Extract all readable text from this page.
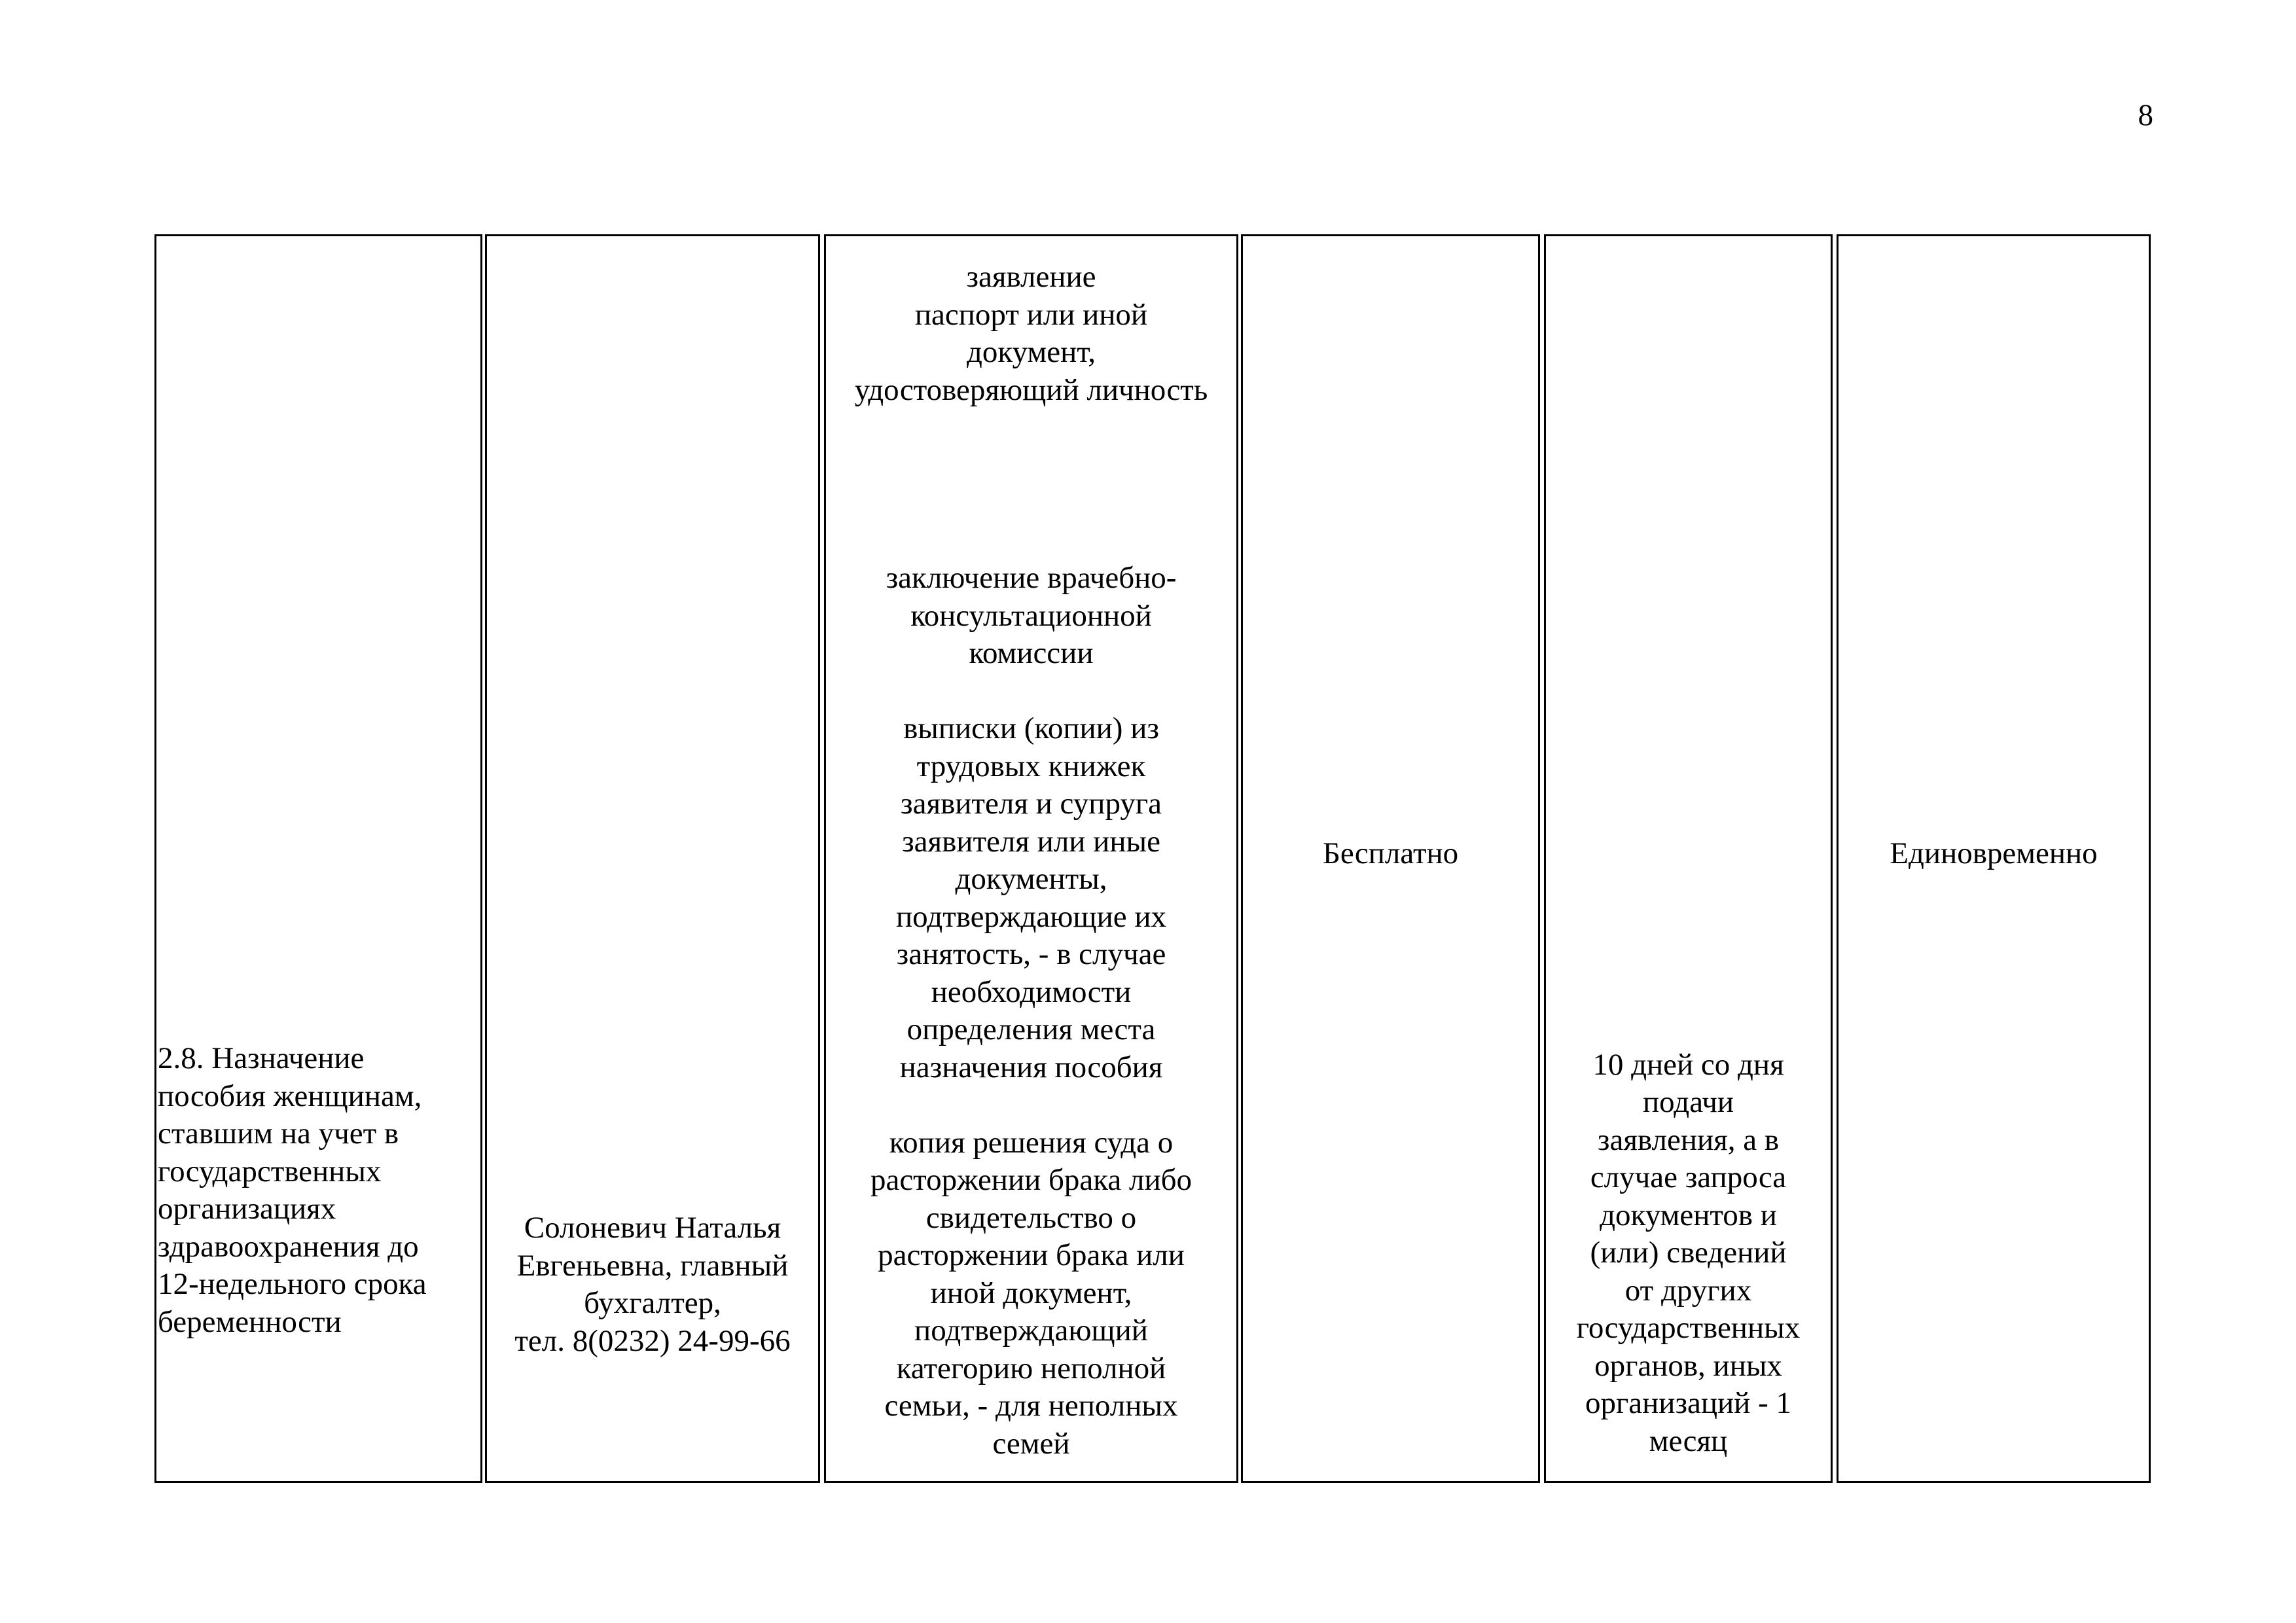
8
2.8. Назначение
пособия женщинам,
ставшим на учет в
государственных
организациях
здравоохранения до
12-недельного срока
беременности
Солоневич Наталья
Евгеньевна, главный
бухгалтер,
тел. 8(0232) 24-99-66
заявление
паспорт или иной
документ,
удостоверяющий личность

заключение врачебно-
консультационной
комиссии

выписки (копии) из
трудовых книжек
заявителя и супруга
заявителя или иные
документы,
подтверждающие их
занятость, - в случае
необходимости
определения места
назначения пособия

копия решения суда о
расторжении брака либо
свидетельство о
расторжении брака или
иной документ,
подтверждающий
категорию неполной
семьи, - для неполных
семей
Бесплатно
10 дней со дня
подачи
заявления, а в
случае запроса
документов и
(или) сведений
от других
государственных
органов, иных
организаций - 1
месяц
Единовременно
